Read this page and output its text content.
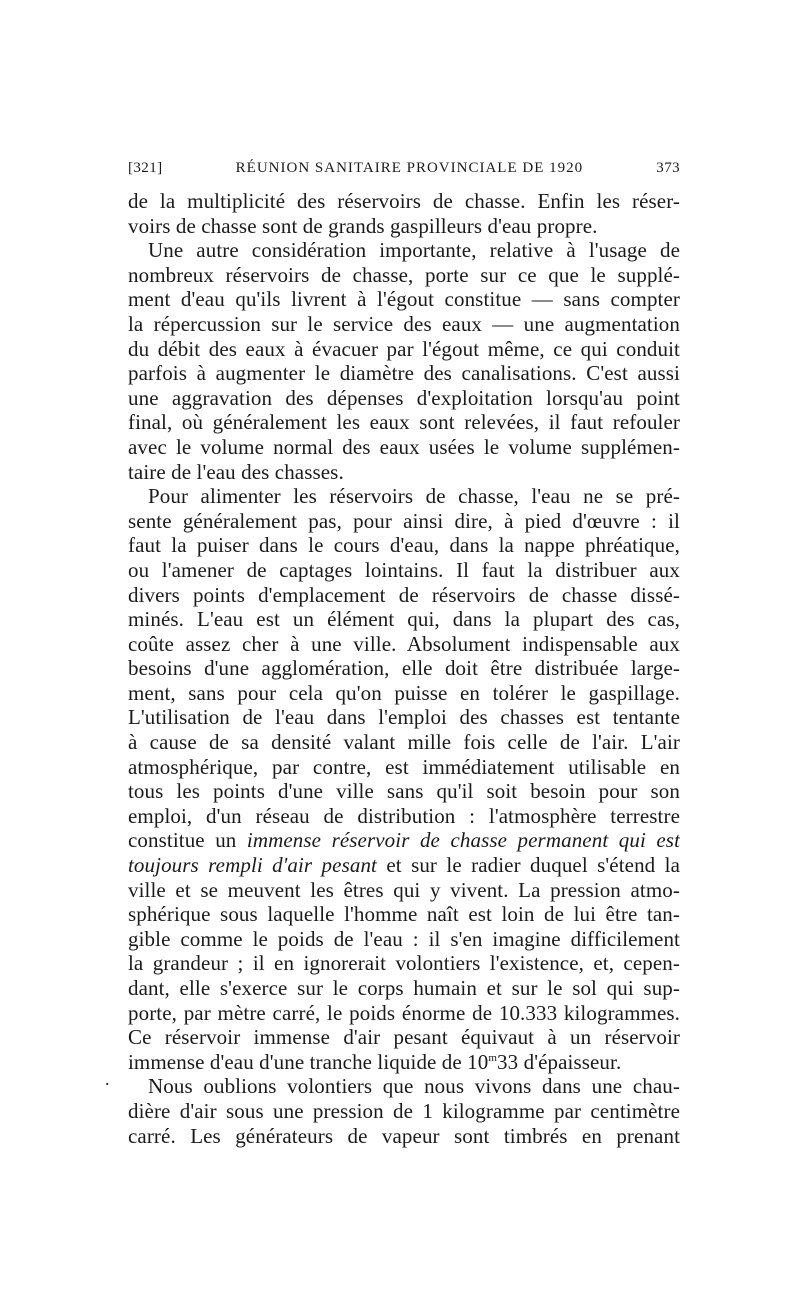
[321]	RÉUNION SANITAIRE PROVINCIALE DE 1920	373

de la multiplicité des réservoirs de chasse. Enfin les réser-

voirs de chasse sont de grands gaspilleurs d'eau propre.

Une autre considération importante, relative à l'usage de

nombreux réservoirs de chasse, porte sur ce que le supplé-

ment d'eau qu'ils livrent à l'égout constitue — sans compter

la répercussion sur le service des eaux — une augmentation

du débit des eaux à évacuer par l'égout même, ce qui conduit

parfois à augmenter le diamètre des canalisations. C'est aussi

une aggravation des dépenses d'exploitation lorsqu'au point

final, où généralement les eaux sont relevées, il faut refouler

avec le volume normal des eaux usées le volume supplémen-

taire de l'eau des chasses.

Pour alimenter les réservoirs de chasse, l'eau ne se pré-

sente généralement pas, pour ainsi dire, à pied d'œuvre : il

faut la puiser dans le cours d'eau, dans la nappe phréatique,

ou l'amener de captages lointains. Il faut la distribuer aux

divers points d'emplacement de réservoirs de chasse dissé-

minés. L'eau est un élément qui, dans la plupart des cas,

coûte assez cher à une ville. Absolument indispensable aux

besoins d'une agglomération, elle doit être distribuée large-

ment, sans pour cela qu'on puisse en tolérer le gaspillage.

L'utilisation de l'eau dans l'emploi des chasses est tentante

à cause de sa densité valant mille fois celle de l'air. L'air

atmosphérique, par contre, est immédiatement utilisable en

tous les points d'une ville sans qu'il soit besoin pour son

emploi, d'un réseau de distribution : l'atmosphère terrestre

constitue un immense réservoir de chasse permanent qui est

toujours rempli d'air pesant et sur le radier duquel s'étend la

ville et se meuvent les êtres qui y vivent. La pression atmo-

sphérique sous laquelle l'homme naît est loin de lui être tan-

gible comme le poids de l'eau : il s'en imagine difficilement

la grandeur ; il en ignorerait volontiers l'existence, et, cepen-

dant, elle s'exerce sur le corps humain et sur le sol qui sup-

porte, par mètre carré, le poids énorme de 10.333 kilogrammes.

Ce réservoir immense d'air pesant équivaut à un réservoir

immense d'eau d'une tranche liquide de 10$^m$33 d'épaisseur.

Nous oublions volontiers que nous vivons dans une chau-

dière d'air sous une pression de 1 kilogramme par centimètre

carré. Les générateurs de vapeur sont timbrés en prenant

.
